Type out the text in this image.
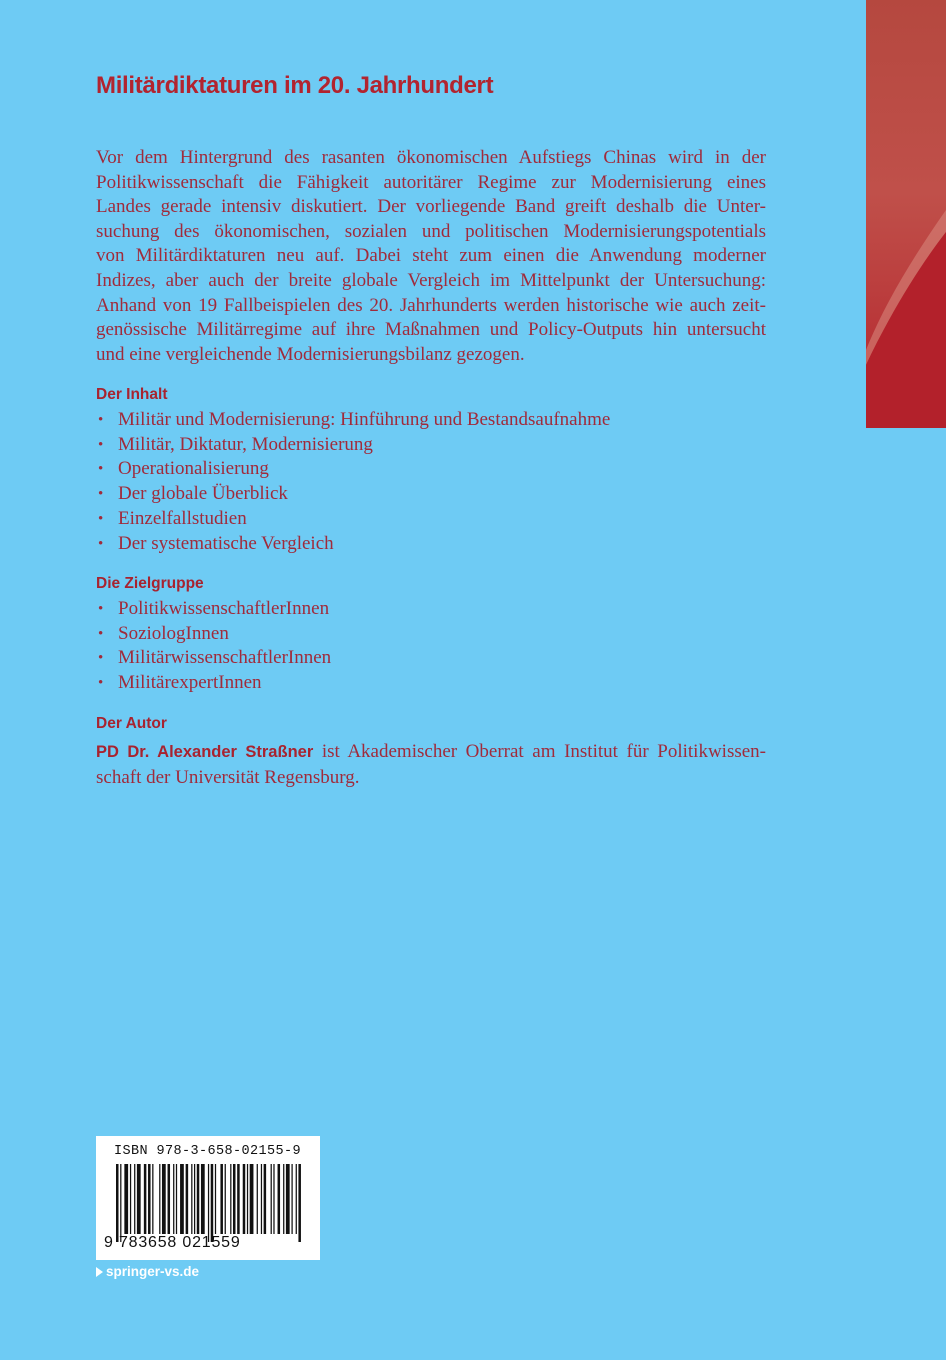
Militärdiktaturen im 20. Jahrhundert

Vor dem Hintergrund des rasanten ökonomischen Aufstiegs Chinas wird in der
Politikwissenschaft die Fähigkeit autoritärer Regime zur Modernisierung eines
Landes gerade intensiv diskutiert. Der vorliegende Band greift deshalb die Unter-
suchung des ökonomischen, sozialen und politischen Modernisierungspotentials
von Militärdiktaturen neu auf. Dabei steht zum einen die Anwendung moderner
Indizes, aber auch der breite globale Vergleich im Mittelpunkt der Untersuchung:
Anhand von 19 Fallbeispielen des 20. Jahrhunderts werden historische wie auch zeit-
genössische Militärregime auf ihre Maßnahmen und Policy-Outputs hin untersucht
und eine vergleichende Modernisierungsbilanz gezogen.

Der Inhalt
• Militär und Modernisierung: Hinführung und Bestandsaufnahme
• Militär, Diktatur, Modernisierung
• Operationalisierung
• Der globale Überblick
• Einzelfallstudien
• Der systematische Vergleich
Die Zielgruppe
• PolitikwissenschaftlerInnen
• SoziologInnen
• MilitärwissenschaftlerInnen
• MilitärexpertInnen
Der Autor

PD Dr. Alexander Straßner ist Akademischer Oberrat am Institut für Politikwissen-
schaft der Universität Regensburg.

ISBN 978-3-658-02155-9
9 783658 021559
springer-vs.de
